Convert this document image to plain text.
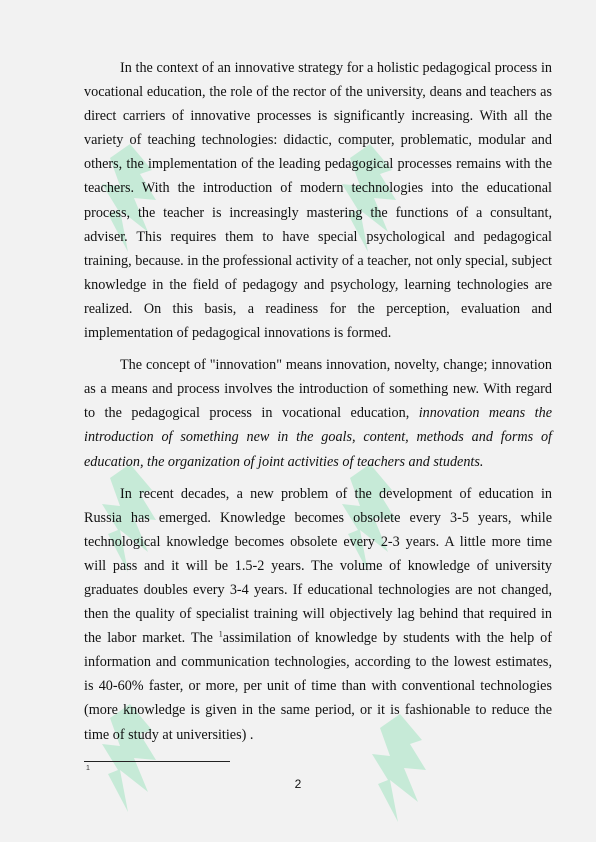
In the context of an innovative strategy for a holistic pedagogical process in vocational education, the role of the rector of the university, deans and teachers as direct carriers of innovative processes is significantly increasing. With all the variety of teaching technologies: didactic, computer, problematic, modular and others, the implementation of the leading pedagogical processes remains with the teachers. With the introduction of modern technologies into the educational process, the teacher is increasingly mastering the functions of a consultant, adviser. This requires them to have special psychological and pedagogical training, because. in the professional activity of a teacher, not only special, subject knowledge in the field of pedagogy and psychology, learning technologies are realized. On this basis, a readiness for the perception, evaluation and implementation of pedagogical innovations is formed.

The concept of "innovation" means innovation, novelty, change; innovation as a means and process involves the introduction of something new. With regard to the pedagogical process in vocational education, innovation means the introduction of something new in the goals, content, methods and forms of education, the organization of joint activities of teachers and students.

In recent decades, a new problem of the development of education in Russia has emerged. Knowledge becomes obsolete every 3-5 years, while technological knowledge becomes obsolete every 2-3 years. A little more time will pass and it will be 1.5-2 years. The volume of knowledge of university graduates doubles every 3-4 years. If educational technologies are not changed, then the quality of specialist training will objectively lag behind that required in the labor market. The $^1$assimilation of knowledge by students with the help of information and communication technologies, according to the lowest estimates, is 40-60% faster, or more, per unit of time than with conventional technologies (more knowledge is given in the same period, or it is fashionable to reduce the time of study at universities) .

1
2
